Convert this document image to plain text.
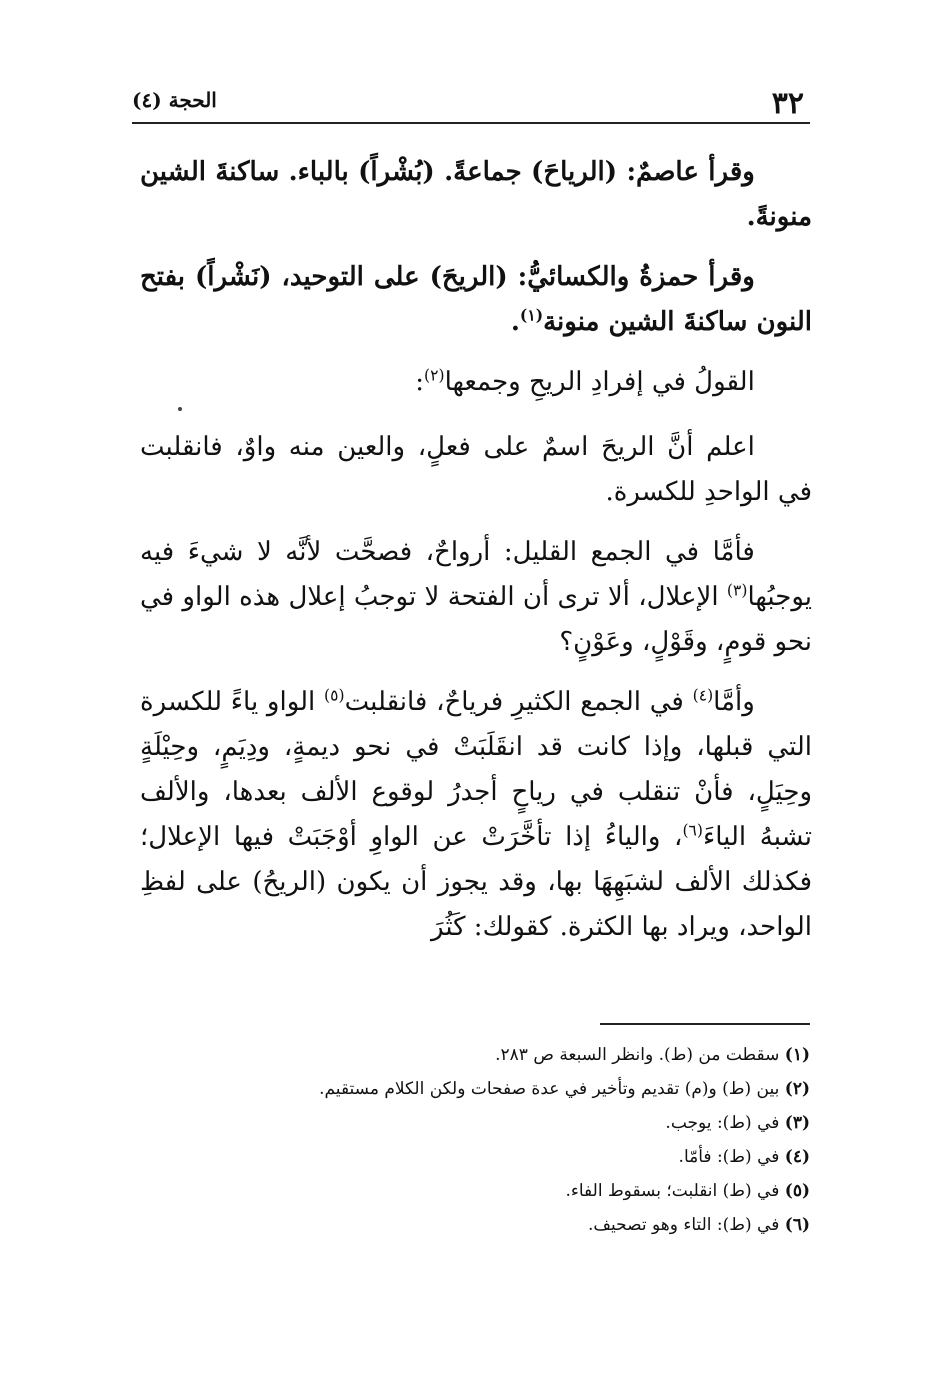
٣٢
الحجة (٤)

وقرأ عاصمٌ: (الرياحَ) جماعةً. (بُشْراً) بالباء. ساكنةَ الشين منونةً.

وقرأ حمزةُ والكسائيُّ: (الريحَ) على التوحيد، (نَشْراً) بفتح النون ساكنةَ الشين منونة$^{(١)}$.

القولُ في إفرادِ الريحِ وجمعها$^{(٢)}$:

اعلم أنَّ الريحَ اسمٌ على فعلٍ، والعين منه واوٌ، فانقلبت في الواحدِ للكسرة.

فأمَّا في الجمع القليل: أرواحٌ، فصحَّت لأنَّه لا شيءَ فيه يوجبُها$^{(٣)}$ الإعلال، ألا ترى أن الفتحة لا توجبُ إعلال هذه الواو في نحو قومٍ، وقَوْلٍ، وعَوْنٍ؟

وأمَّا$^{(٤)}$ في الجمع الكثيرِ فرياحٌ، فانقلبت$^{(٥)}$ الواو ياءً للكسرة التي قبلها، وإذا كانت قد انقَلَبَتْ في نحو ديمةٍ، ودِيَمٍ، وحِيْلَةٍ وحِيَلٍ، فأنْ تنقلب في رياحٍ أجدرُ لوقوع الألف بعدها، والألف تشبهُ الياءَ$^{(٦)}$، والياءُ إذا تأخَّرَتْ عن الواوِ أوْجَبَتْ فيها الإعلال؛ فكذلك الألف لشبَهِهَا بها، وقد يجوز أن يكون (الريحُ) على لفظِ الواحد، ويراد بها الكثرة. كقولك: كَثُرَ

(١) سقطت من (ط). وانظر السبعة ص ٢٨٣.
(٢) بين (ط) و(م) تقديم وتأخير في عدة صفحات ولكن الكلام مستقيم.
(٣) في (ط): يوجب.
(٤) في (ط): فأمّا.
(٥) في (ط) انقلبت؛ بسقوط الفاء.
(٦) في (ط): التاء وهو تصحيف.
